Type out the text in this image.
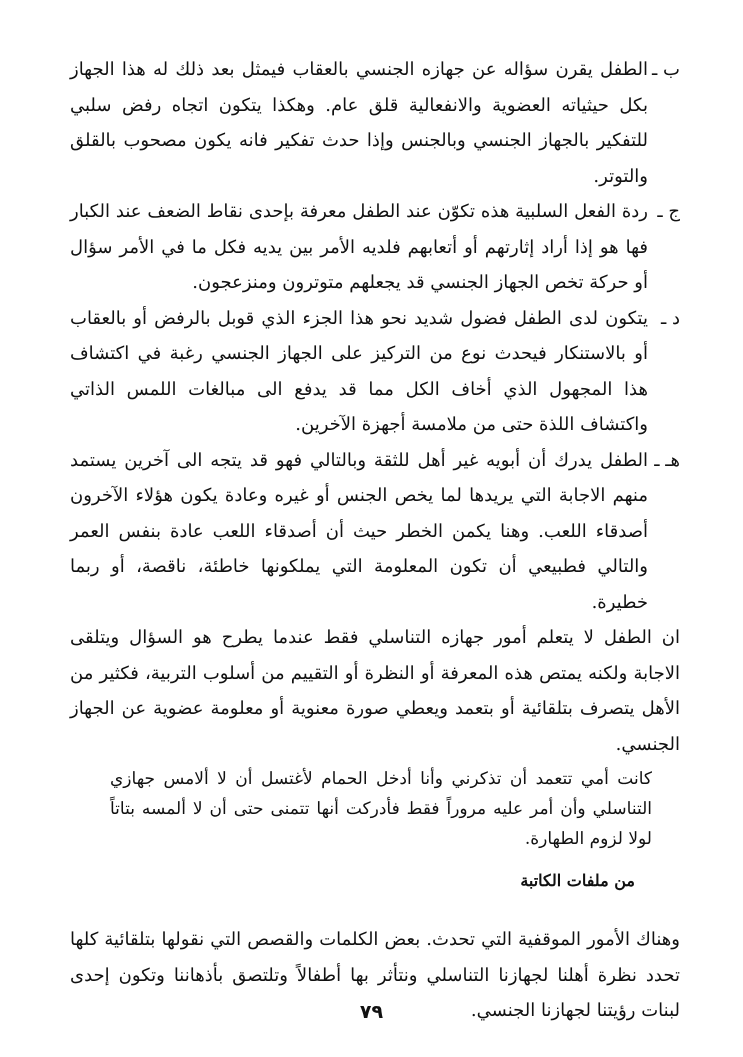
ب ـ
الطفل يقرن سؤاله عن جهازه الجنسي بالعقاب فيمثل بعد ذلك له هذا الجهاز بكل حيثياته العضوية والانفعالية قلق عام. وهكذا يتكون اتجاه رفض سلبي للتفكير بالجهاز الجنسي وبالجنس وإذا حدث تفكير فانه يكون مصحوب بالقلق والتوتر.
ج ـ
ردة الفعل السلبية هذه تكوّن عند الطفل معرفة بإحدى نقاط الضعف عند الكبار فها هو إذا أراد إثارتهم أو أتعابهم فلديه الأمر بين يديه فكل ما في الأمر سؤال أو حركة تخص الجهاز الجنسي قد يجعلهم متوترون ومنزعجون.
د ـ
يتكون لدى الطفل فضول شديد نحو هذا الجزء الذي قوبل بالرفض أو بالعقاب أو بالاستنكار فيحدث نوع من التركيز على الجهاز الجنسي رغبة في اكتشاف هذا المجهول الذي أخاف الكل مما قد يدفع الى مبالغات اللمس الذاتي واكتشاف اللذة حتى من ملامسة أجهزة الآخرين.
هـ ـ
الطفل يدرك أن أبويه غير أهل للثقة وبالتالي فهو قد يتجه الى آخرين يستمد منهم الاجابة التي يريدها لما يخص الجنس أو غيره وعادة يكون هؤلاء الآخرون أصدقاء اللعب. وهنا يكمن الخطر حيث أن أصدقاء اللعب عادة بنفس العمر والتالي فطبيعي أن تكون المعلومة التي يملكونها خاطئة، ناقصة، أو ربما خطيرة.

ان الطفل لا يتعلم أمور جهازه التناسلي فقط عندما يطرح هو السؤال ويتلقى الاجابة ولكنه يمتص هذه المعرفة أو النظرة أو التقييم من أسلوب التربية، فكثير من الأهل يتصرف بتلقائية أو بتعمد ويعطي صورة معنوية أو معلومة عضوية عن الجهاز الجنسي.

كانت أمي تتعمد أن تذكرني وأنا أدخل الحمام لأغتسل أن لا ألامس جهازي التناسلي وأن أمر عليه مروراً فقط فأدركت أنها تتمنى حتى أن لا ألمسه بتاتاً لولا لزوم الطهارة.

من ملفات الكاتبة

وهناك الأمور الموقفية التي تحدث. بعض الكلمات والقصص التي نقولها بتلقائية كلها تحدد نظرة أهلنا لجهازنا التناسلي ونتأثر بها أطفالاً وتلتصق بأذهاننا وتكون إحدى لبنات رؤيتنا لجهازنا الجنسي.

٧٩
